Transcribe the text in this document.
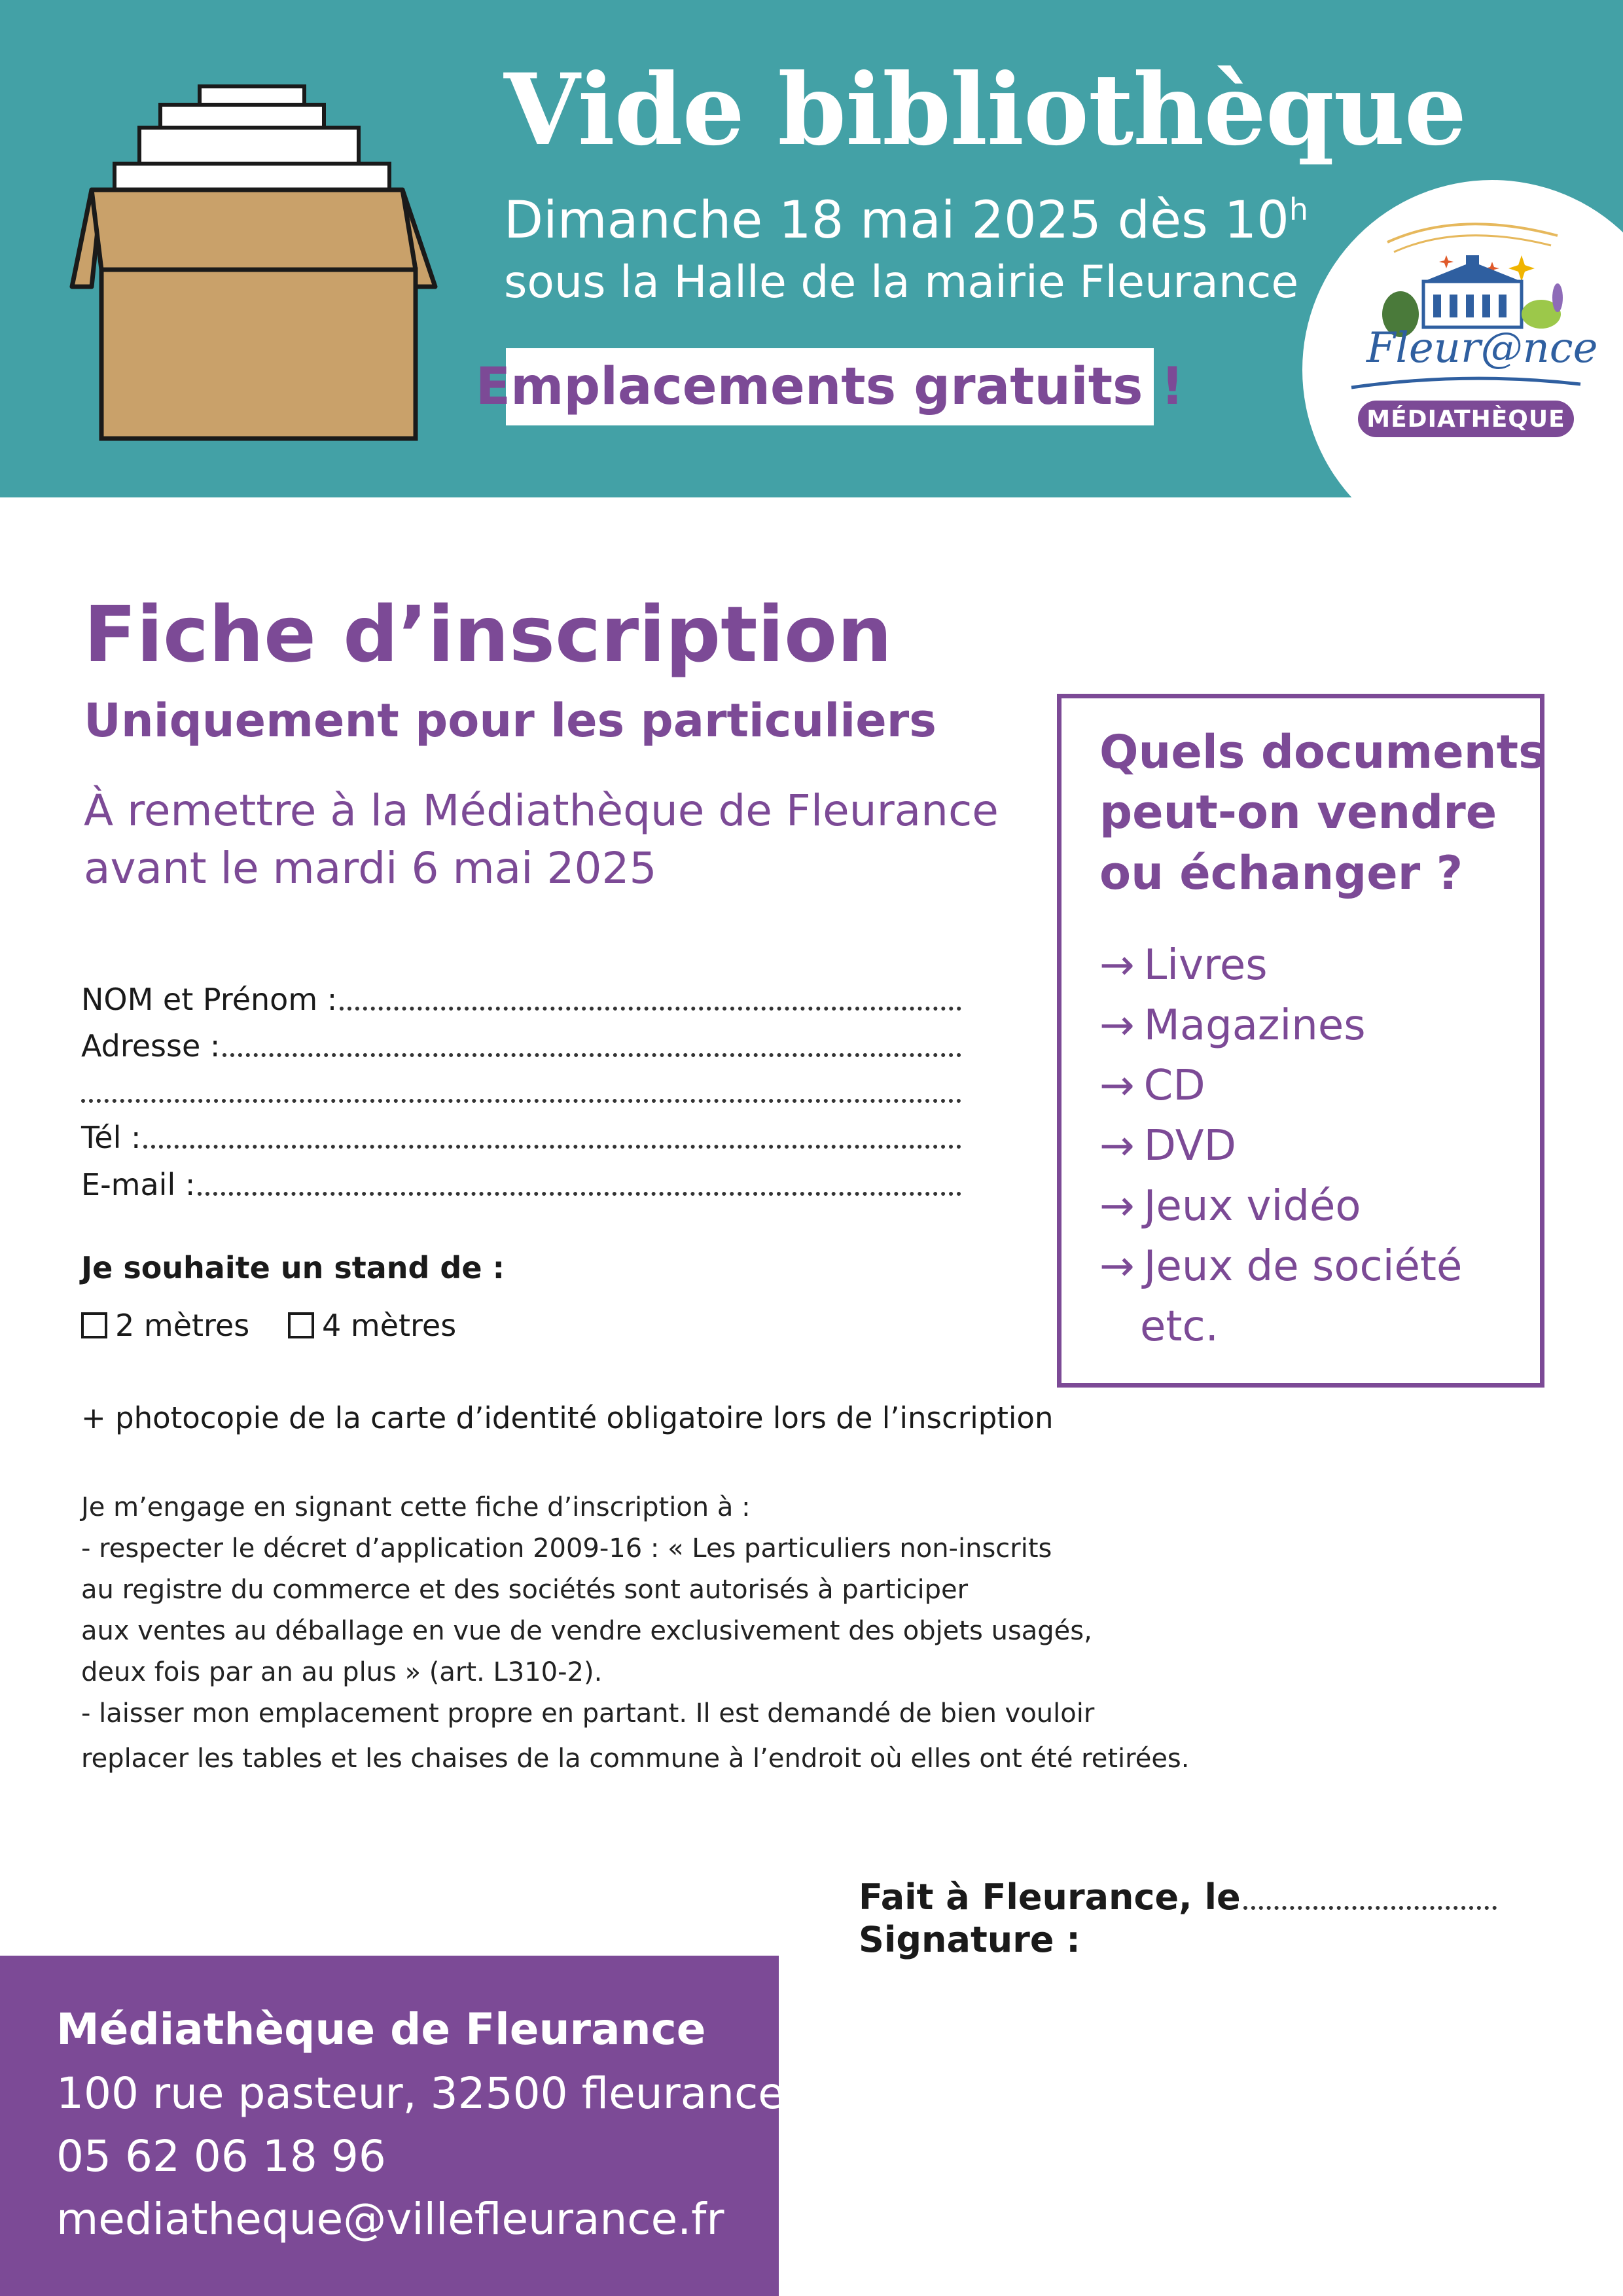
Vide bibliothèque
Dimanche 18 mai 2025 dès 10$^h$
sous la Halle de la mairie Fleurance
Emplacements gratuits !
Fleur@nce
MÉDIATHÈQUE
Fiche d’inscription
Uniquement pour les particuliers
À remettre à la Médiathèque de Fleurance
avant le mardi 6 mai 2025
NOM et Prénom :
Adresse :
Tél :
E-mail :
Je souhaite un stand de :
2 mètres 4 mètres
+ photocopie de la carte d’identité obligatoire lors de l’inscription
Je m’engage en signant cette fiche d’inscription à :
- respecter le décret d’application 2009-16 : « Les particuliers non-inscrits
au registre du commerce et des sociétés sont autorisés à participer
aux ventes au déballage en vue de vendre exclusivement des objets usagés,
deux fois par an au plus » (art. L310-2).
- laisser mon emplacement propre en partant. Il est demandé de bien vouloir
replacer les tables et les chaises de la commune à l’endroit où elles ont été retirées.
Quels documents
peut-on vendre
ou échanger ?
→ Livres
→ Magazines
→ CD
→ DVD
→ Jeux vidéo
→ Jeux de société
etc.
Fait à Fleurance, le
Signature :
Médiathèque de Fleurance
100 rue pasteur, 32500 fleurance
05 62 06 18 96
mediatheque@villefleurance.fr
